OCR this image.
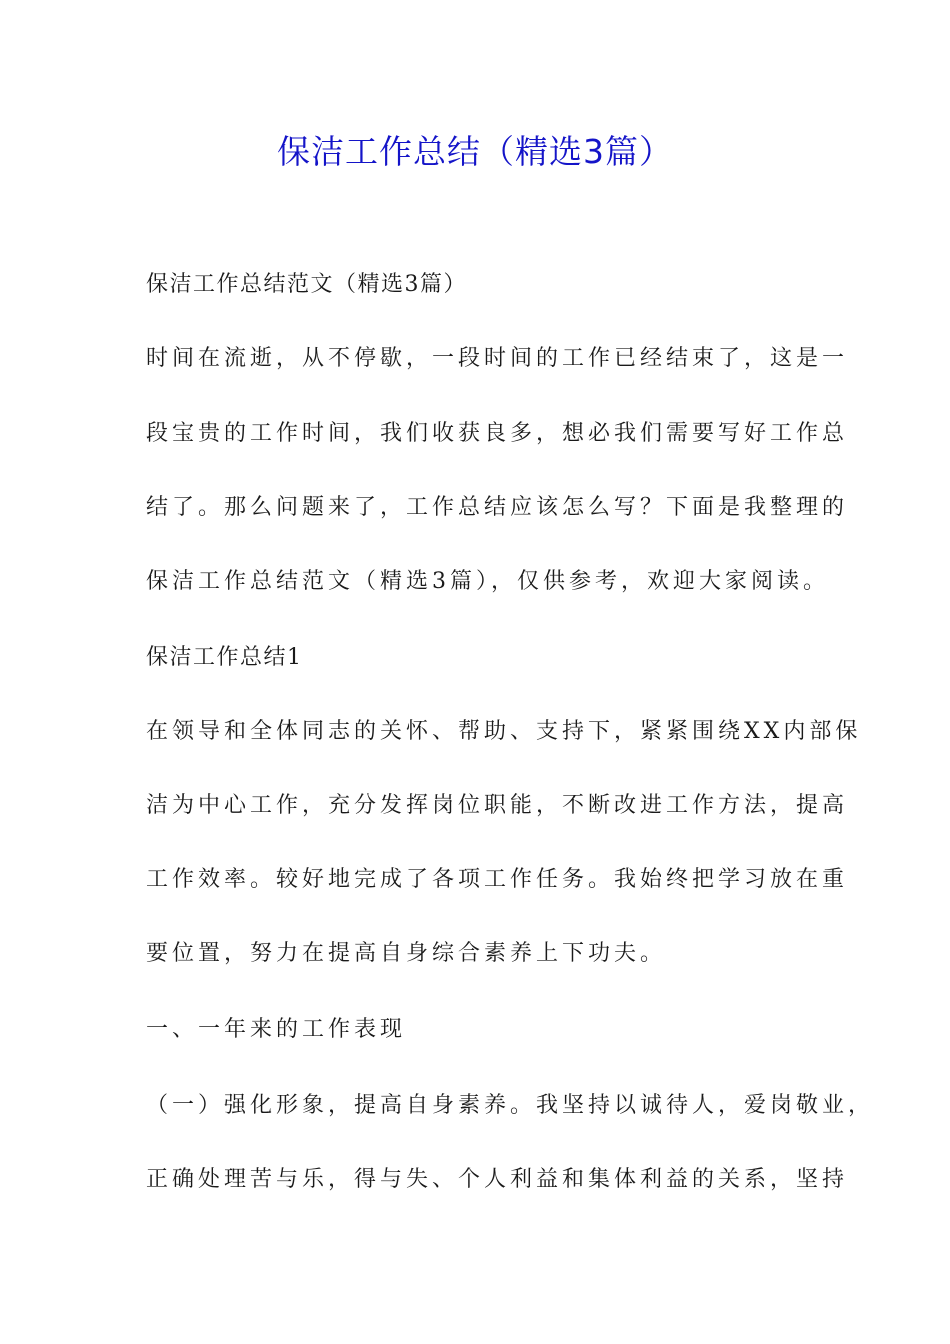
保洁工作总结（精选3篇）
保洁工作总结范文（精选3篇）
时间在流逝，从不停歇，一段时间的工作已经结束了，这是一
段宝贵的工作时间，我们收获良多，想必我们需要写好工作总
结了。那么问题来了，工作总结应该怎么写？下面是我整理的
保洁工作总结范文（精选3篇），仅供参考，欢迎大家阅读。
保洁工作总结1
在领导和全体同志的关怀、帮助、支持下，紧紧围绕XX内部保
洁为中心工作，充分发挥岗位职能，不断改进工作方法，提高
工作效率。较好地完成了各项工作任务。我始终把学习放在重
要位置，努力在提高自身综合素养上下功夫。
一、一年来的工作表现
（一）强化形象，提高自身素养。我坚持以诚待人，爱岗敬业，
正确处理苦与乐，得与失、个人利益和集体利益的关系，坚持
